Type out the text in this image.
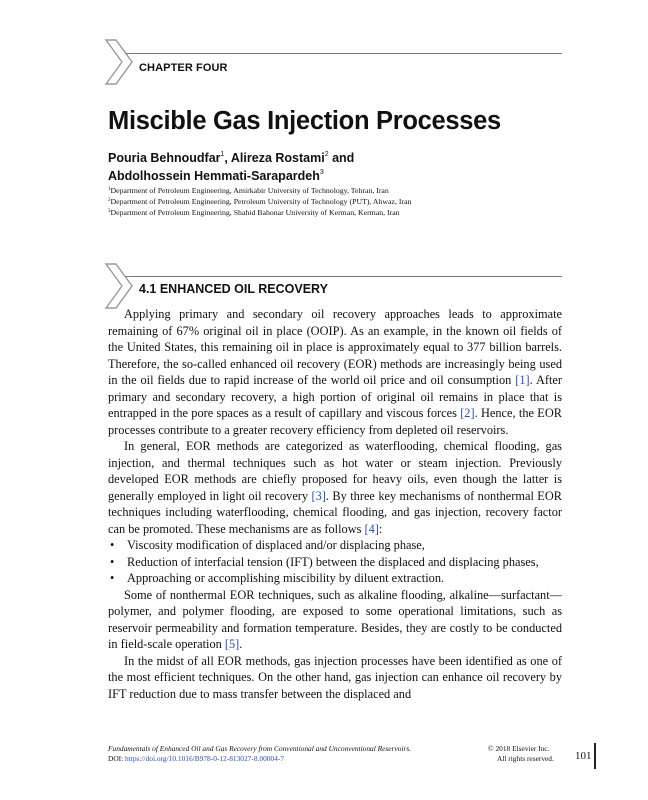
CHAPTER FOUR
Miscible Gas Injection Processes
Pouria Behnoudfar$^1$, Alireza Rostami$^2$ and
Abdolhossein Hemmati-Sarapardeh$^3$
$^1$Department of Petroleum Engineering, Amirkabir University of Technology, Tehran, Iran
$^2$Department of Petroleum Engineering, Petroleum University of Technology (PUT), Ahwaz, Iran
$^3$Department of Petroleum Engineering, Shahid Bahonar University of Kerman, Kerman, Iran
4.1 ENHANCED OIL RECOVERY

Applying primary and secondary oil recovery approaches leads to approximate remaining of 67% original oil in place (OOIP). As an example, in the known oil fields of the United States, this remaining oil in place is approximately equal to 377 billion barrels. Therefore, the so-called enhanced oil recovery (EOR) methods are increasingly being used in the oil fields due to rapid increase of the world oil price and oil consumption [1]. After primary and secondary recovery, a high portion of original oil remains in place that is entrapped in the pore spaces as a result of capillary and viscous forces [2]. Hence, the EOR processes contribute to a greater recovery efficiency from depleted oil reservoirs.

In general, EOR methods are categorized as waterflooding, chemical flooding, gas injection, and thermal techniques such as hot water or steam injection. Previously developed EOR methods are chiefly proposed for heavy oils, even though the latter is generally employed in light oil recovery [3]. By three key mechanisms of nonthermal EOR techniques including waterflooding, chemical flooding, and gas injection, recovery factor can be promoted. These mechanisms are as follows [4]:

• Viscosity modification of displaced and/or displacing phase,
• Reduction of interfacial tension (IFT) between the displaced and displacing phases,
• Approaching or accomplishing miscibility by diluent extraction.

Some of nonthermal EOR techniques, such as alkaline flooding, alkaline—surfactant—polymer, and polymer flooding, are exposed to some operational limitations, such as reservoir permeability and formation temperature. Besides, they are costly to be conducted in field-scale operation [5].

In the midst of all EOR methods, gas injection processes have been identified as one of the most efficient techniques. On the other hand, gas injection can enhance oil recovery by IFT reduction due to mass transfer between the displaced and

Fundamentals of Enhanced Oil and Gas Recovery from Conventional and Unconventional Reservoirs.
DOI: https://doi.org/10.1016/B978-0-12-813027-8.00004-7
© 2018 Elsevier Inc.
All rights reserved. 101
